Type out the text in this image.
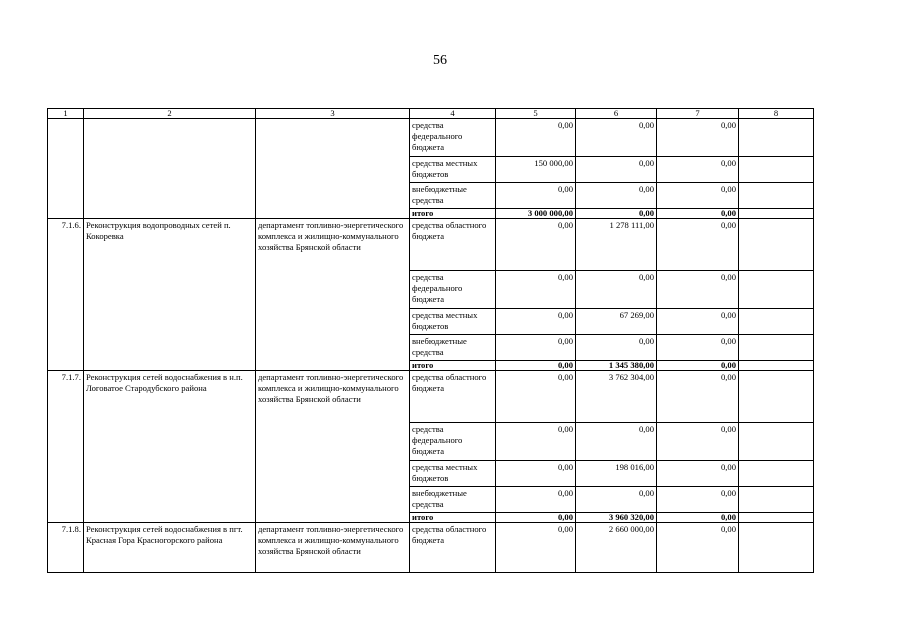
56
1	2	3	4	5	6	7	8
			средства федерального бюджета	0,00	0,00	0,00	
			средства местных бюджетов	150 000,00	0,00	0,00	
			внебюджетные средства	0,00	0,00	0,00	
			итого	3 000 000,00	0,00	0,00	
7.1.6.	Реконструкция водопроводных сетей п. Кокоревка	департамент топливно-энергетического комплекса и жилищно-коммунального хозяйства Брянской области	средства областного бюджета	0,00	1 278 111,00	0,00	
			средства федерального бюджета	0,00	0,00	0,00	
			средства местных бюджетов	0,00	67 269,00	0,00	
			внебюджетные средства	0,00	0,00	0,00	
			итого	0,00	1 345 380,00	0,00	
7.1.7.	Реконструкция сетей водоснабжения в н.п. Логоватое Стародубского района	департамент топливно-энергетического комплекса и жилищно-коммунального хозяйства Брянской области	средства областного бюджета	0,00	3 762 304,00	0,00	
			средства федерального бюджета	0,00	0,00	0,00	
			средства местных бюджетов	0,00	198 016,00	0,00	
			внебюджетные средства	0,00	0,00	0,00	
			итого	0,00	3 960 320,00	0,00	
7.1.8.	Реконструкция сетей водоснабжения в пгт. Красная Гора Красногорского района	департамент топливно-энергетического комплекса и жилищно-коммунального хозяйства Брянской области	средства областного бюджета	0,00	2 660 000,00	0,00	
